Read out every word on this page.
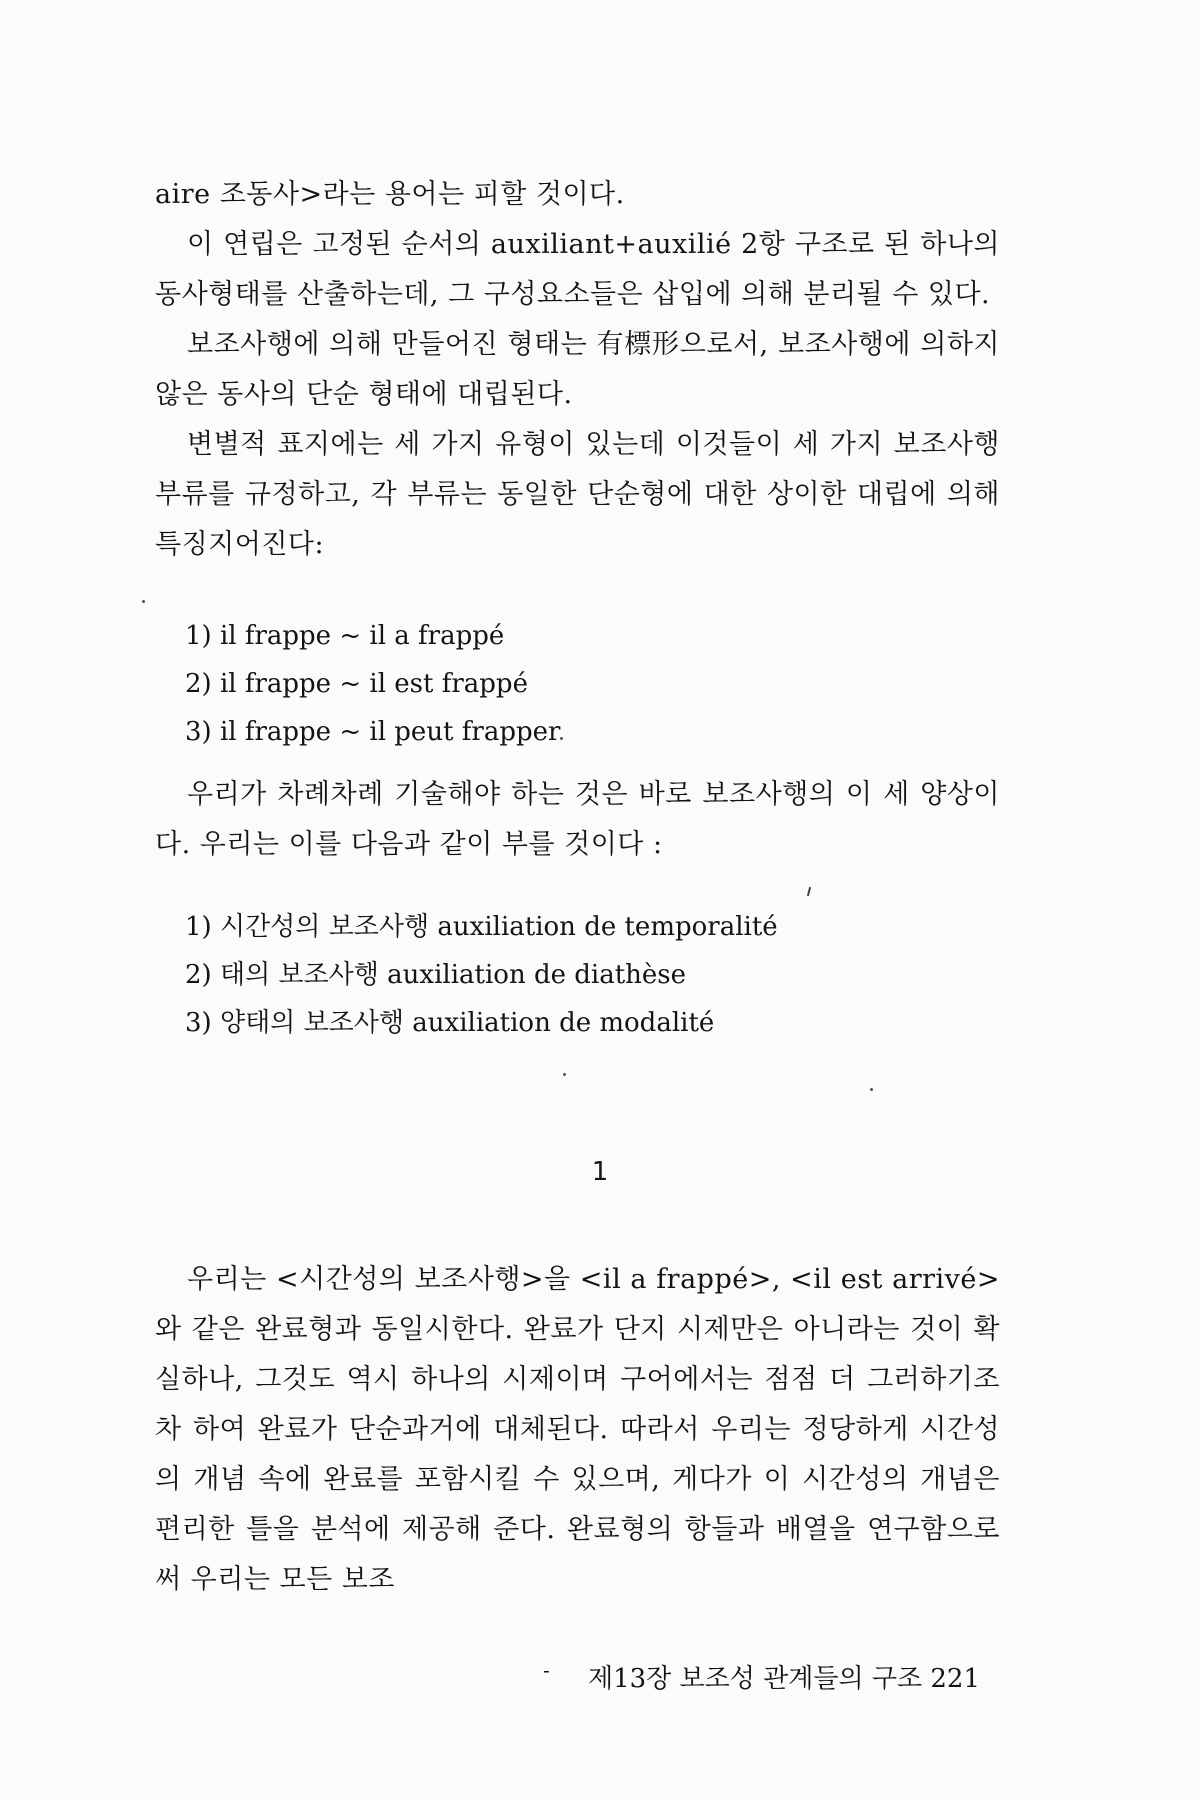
aire 조동사>라는 용어는 피할 것이다.

이 연립은 고정된 순서의 auxiliant+auxilié 2항 구조로 된 하나의 동사형태를 산출하는데, 그 구성요소들은 삽입에 의해 분리될 수 있다.

보조사행에 의해 만들어진 형태는 有標形으로서, 보조사행에 의하지 않은 동사의 단순 형태에 대립된다.

변별적 표지에는 세 가지 유형이 있는데 이것들이 세 가지 보조사행 부류를 규정하고, 각 부류는 동일한 단순형에 대한 상이한 대립에 의해 특징지어진다:

1) il frappe ~ il a frappé
2) il frappe ~ il est frappé
3) il frappe ~ il peut frapper

우리가 차례차례 기술해야 하는 것은 바로 보조사행의 이 세 양상이다. 우리는 이를 다음과 같이 부를 것이다 :

1) 시간성의 보조사행 auxiliation de temporalité
2) 태의 보조사행 auxiliation de diathèse
3) 양태의 보조사행 auxiliation de modalité
1

우리는 <시간성의 보조사행>을 <il a frappé>, <il est arrivé>와 같은 완료형과 동일시한다. 완료가 단지 시제만은 아니라는 것이 확실하나, 그것도 역시 하나의 시제이며 구어에서는 점점 더 그러하기조차 하여 완료가 단순과거에 대체된다. 따라서 우리는 정당하게 시간성의 개념 속에 완료를 포함시킬 수 있으며, 게다가 이 시간성의 개념은 편리한 틀을 분석에 제공해 준다. 완료형의 항들과 배열을 연구함으로써 우리는 모든 보조

- 제13장 보조성 관계들의 구조 221
